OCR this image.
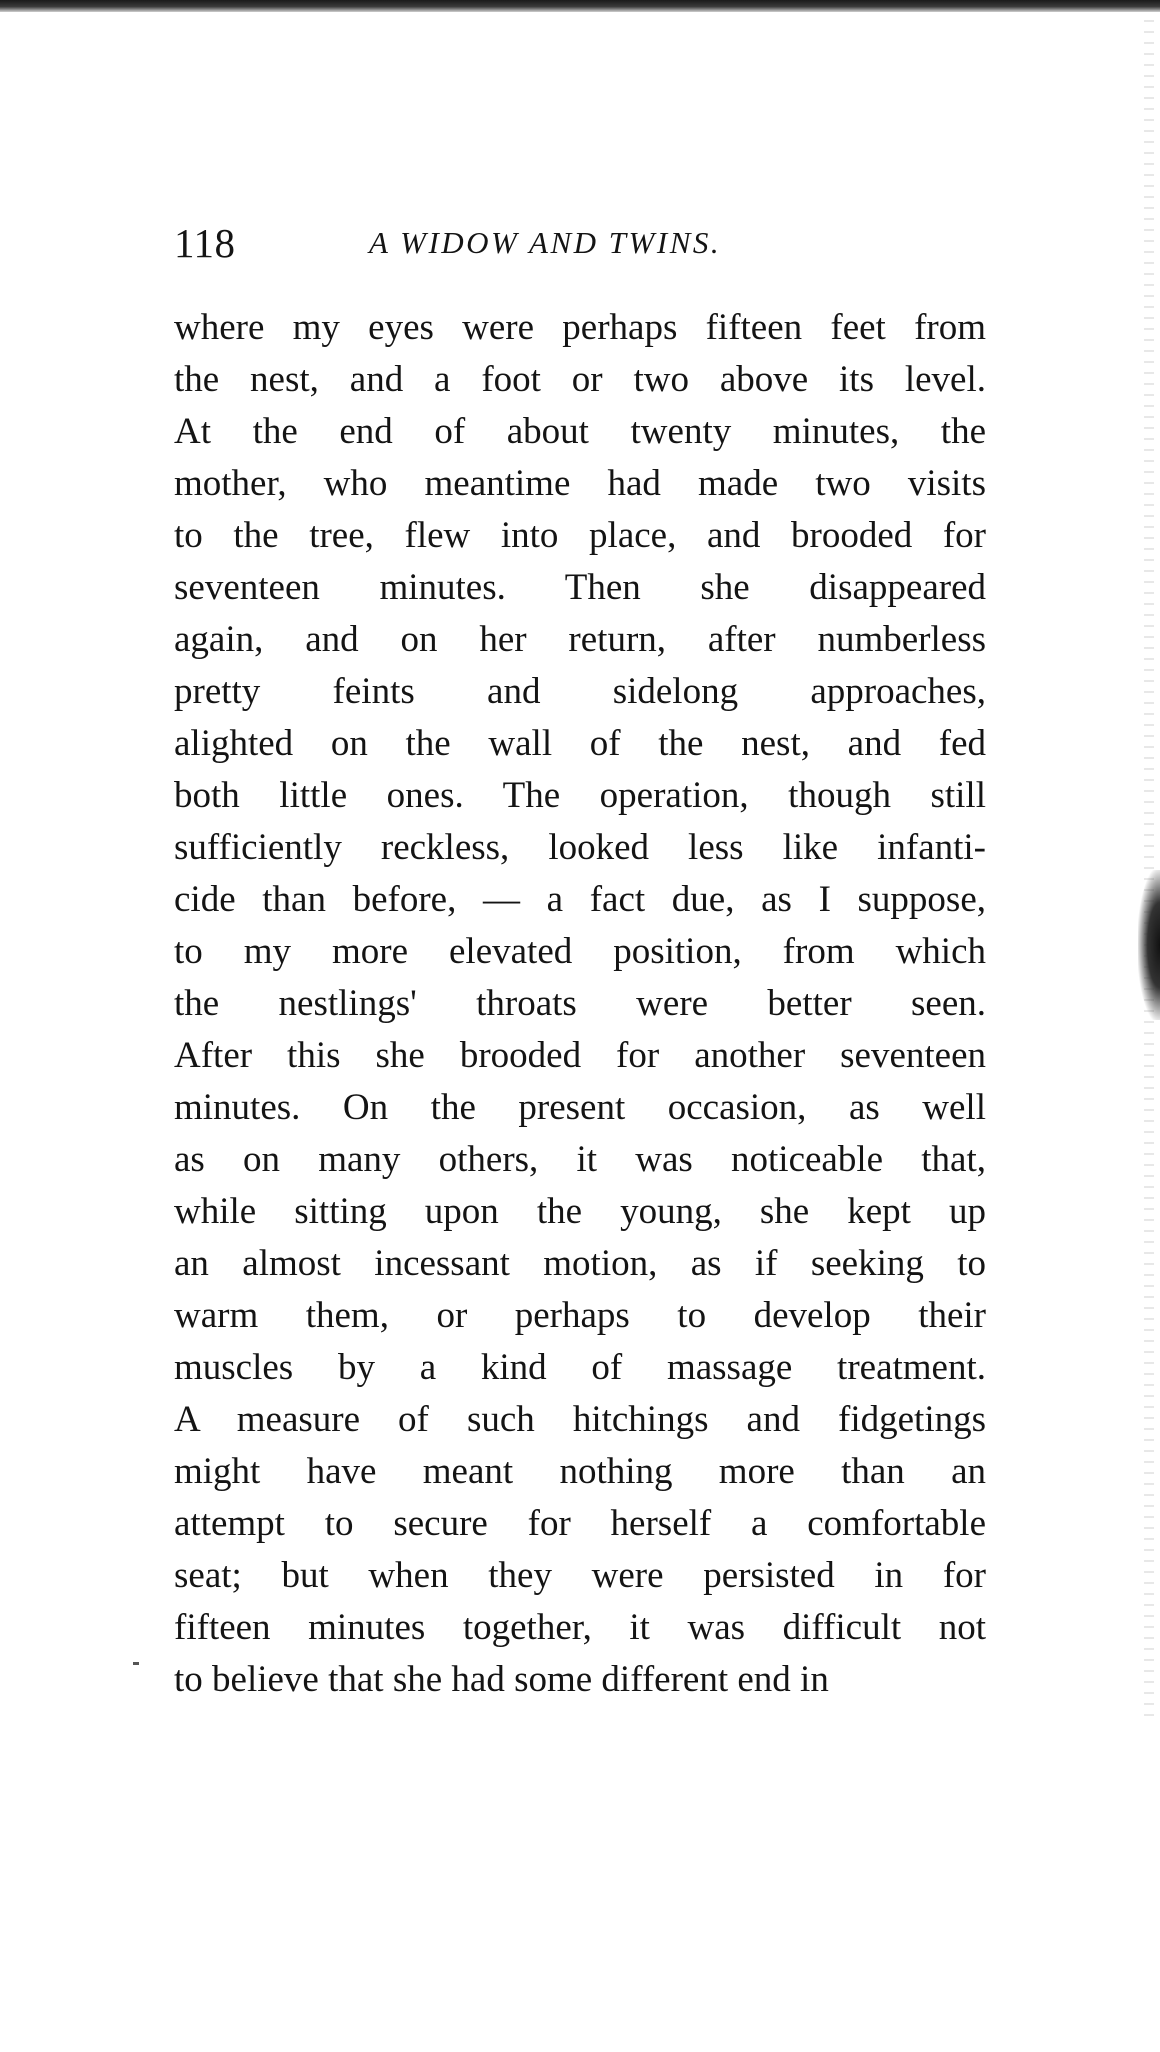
118	A WIDOW AND TWINS.
where my eyes were perhaps fifteen feet from
the nest, and a foot or two above its level.
At the end of about twenty minutes, the
mother, who meantime had made two visits
to the tree, flew into place, and brooded for
seventeen minutes. Then she disappeared
again, and on her return, after numberless
pretty feints and sidelong approaches,
alighted on the wall of the nest, and fed
both little ones. The operation, though still
sufficiently reckless, looked less like infanti-
cide than before, — a fact due, as I suppose,
to my more elevated position, from which
the nestlings' throats were better seen.
After this she brooded for another seventeen
minutes. On the present occasion, as well
as on many others, it was noticeable that,
while sitting upon the young, she kept up
an almost incessant motion, as if seeking to
warm them, or perhaps to develop their
muscles by a kind of massage treatment.
A measure of such hitchings and fidgetings
might have meant nothing more than an
attempt to secure for herself a comfortable
seat; but when they were persisted in for
fifteen minutes together, it was difficult not
to believe that she had some different end in
